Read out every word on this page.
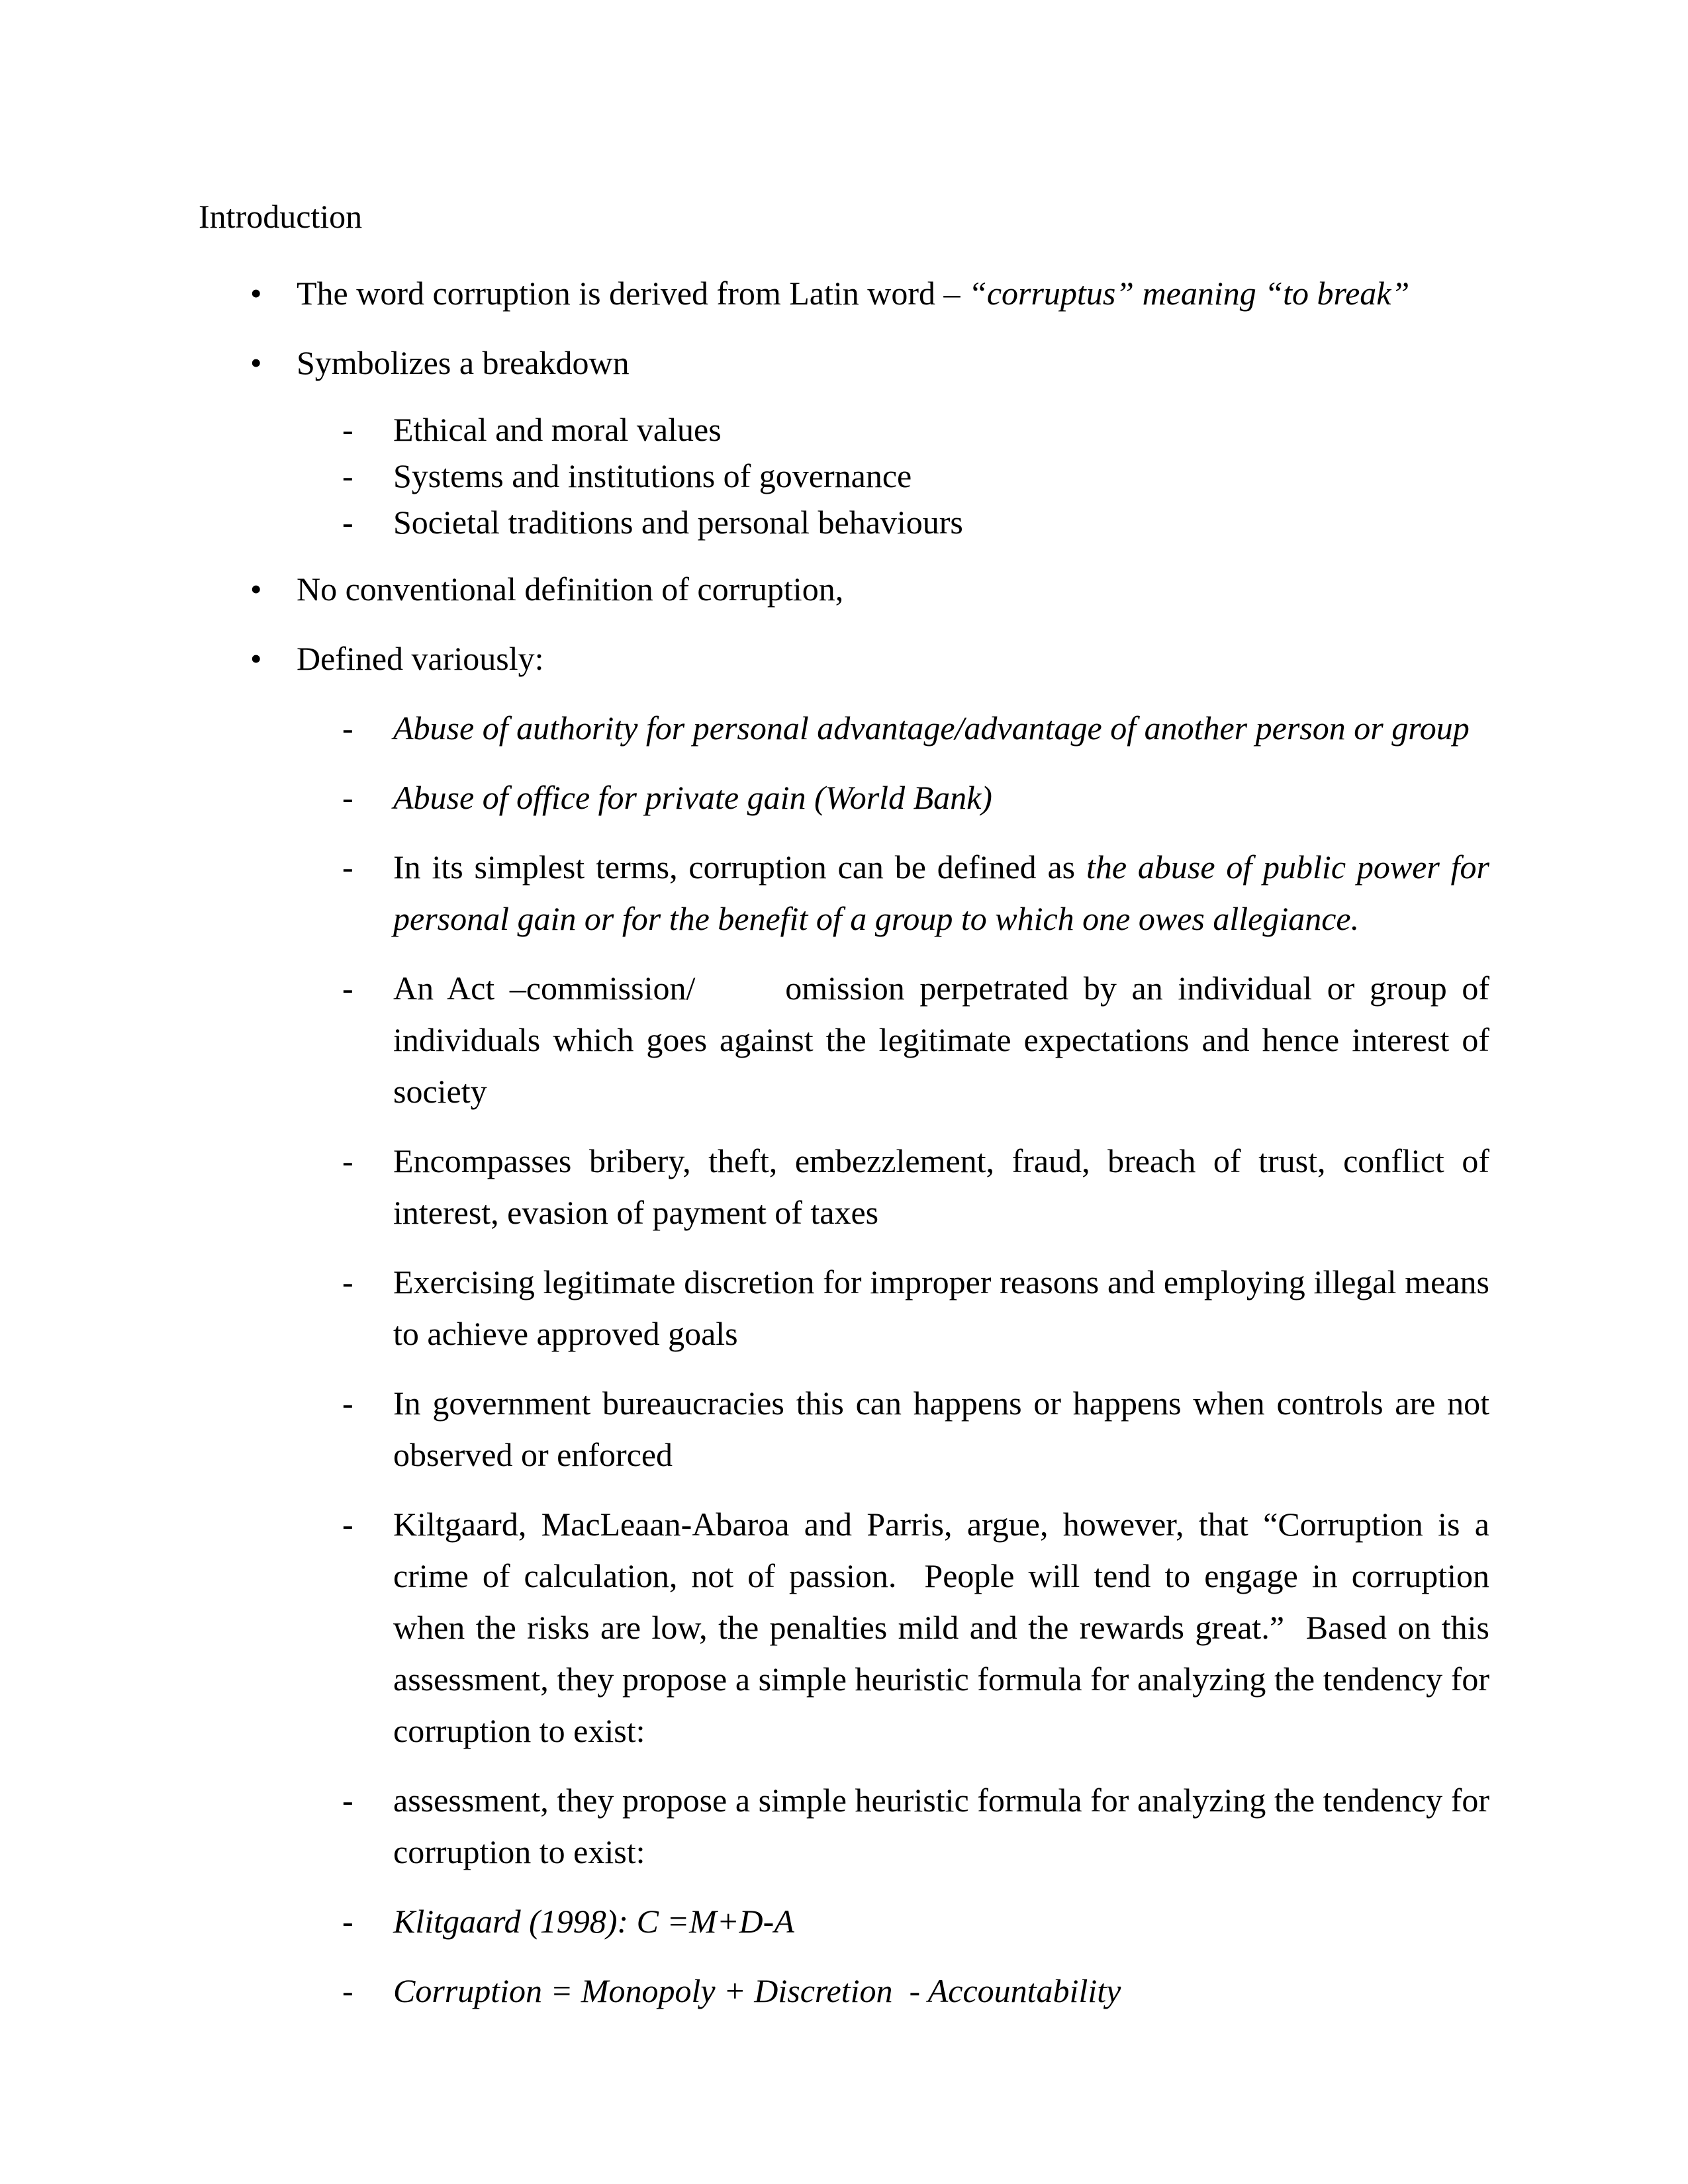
Introduction
• The word corruption is derived from Latin word – “corruptus” meaning “to break”
• Symbolizes a breakdown
- Ethical and moral values
- Systems and institutions of governance
- Societal traditions and personal behaviours
• No conventional definition of corruption,
• Defined variously:
- Abuse of authority for personal advantage/advantage of another person or group
- Abuse of office for private gain (World Bank)
- In its simplest terms, corruption can be defined as the abuse of public power for personal gain or for the benefit of a group to which one owes allegiance.
- An Act –commission/      omission perpetrated by an individual or group of individuals which goes against the legitimate expectations and hence interest of society
- Encompasses bribery, theft, embezzlement, fraud, breach of trust, conflict of interest, evasion of payment of taxes
- Exercising legitimate discretion for improper reasons and employing illegal means to achieve approved goals
- In government bureaucracies this can happens or happens when controls are not observed or enforced
- Kiltgaard, MacLeaan-Abaroa and Parris, argue, however, that “Corruption is a crime of calculation, not of passion.  People will tend to engage in corruption when the risks are low, the penalties mild and the rewards great.”  Based on this assessment, they propose a simple heuristic formula for analyzing the tendency for corruption to exist:
- assessment, they propose a simple heuristic formula for analyzing the tendency for corruption to exist:
- Klitgaard (1998): C =M+D-A
- Corruption = Monopoly + Discretion  - Accountability
